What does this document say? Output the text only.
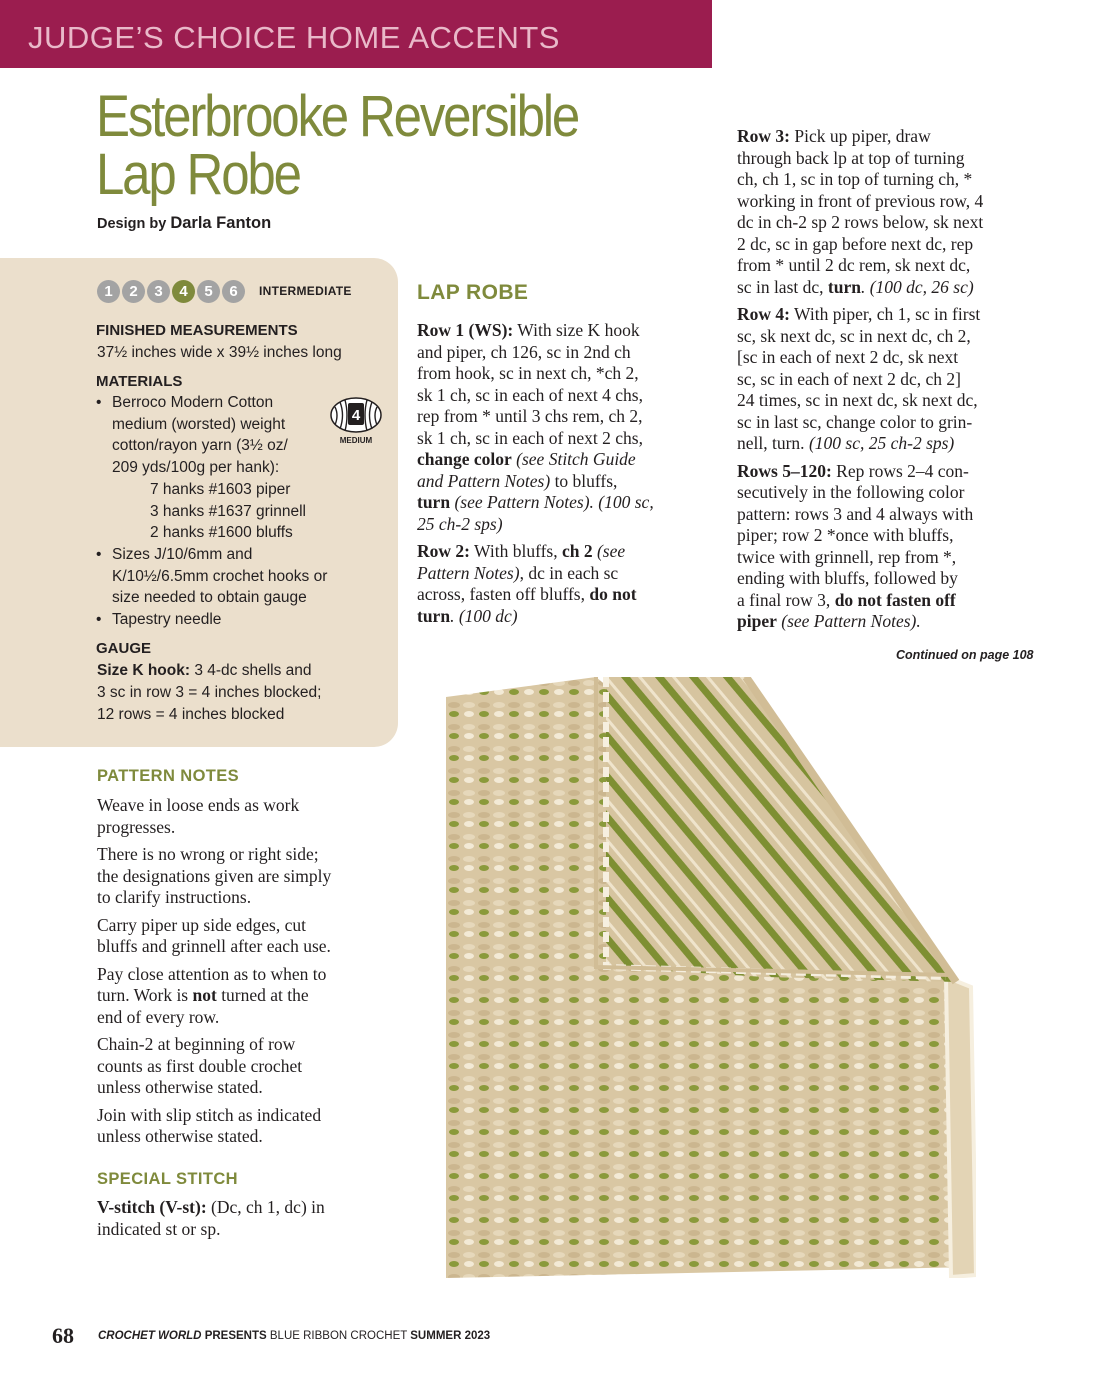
JUDGE’S CHOICE HOME ACCENTS
Esterbrooke Reversible
Lap Robe
Design by Darla Fanton
1	2	3	4	5	6	INTERMEDIATE
FINISHED MEASUREMENTS
37½ inches wide x 39½ inches long
MATERIALS
• Berroco Modern Cotton
medium (worsted) weight
cotton/rayon yarn (3½ oz/
209 yds/100g per hank):
7 hanks #1603 piper
3 hanks #1637 grinnell
2 hanks #1600 bluffs
• Sizes J/10/6mm and
K/10½/6.5mm crochet hooks or
size needed to obtain gauge
• Tapestry needle
4
MEDIUM
GAUGE
Size K hook: 3 4-dc shells and
3 sc in row 3 = 4 inches blocked;
12 rows = 4 inches blocked
PATTERN NOTES

Weave in loose ends as work

progresses.

There is no wrong or right side;

the designations given are simply

to clarify instructions.

Carry piper up side edges, cut

bluffs and grinnell after each use.

Pay close attention as to when to

turn. Work is not turned at the

end of every row.

Chain-2 at beginning of row

counts as first double crochet

unless otherwise stated.

Join with slip stitch as indicated

unless otherwise stated.

SPECIAL STITCH

V-stitch (V-st): (Dc, ch 1, dc) in

indicated st or sp.

LAP ROBE

Row 1 (WS): With size K hook

and piper, ch 126, sc in 2nd ch

from hook, sc in next ch, *ch 2,

sk 1 ch, sc in each of next 4 chs,

rep from * until 3 chs rem, ch 2,

sk 1 ch, sc in each of next 2 chs,

change color (see Stitch Guide

and Pattern Notes) to bluffs,

turn (see Pattern Notes). (100 sc,

25 ch-2 sps)

Row 2: With bluffs, ch 2 (see

Pattern Notes), dc in each sc

across, fasten off bluffs, do not

turn. (100 dc)

Row 3: Pick up piper, draw

through back lp at top of turning

ch, ch 1, sc in top of turning ch, *

working in front of previous row, 4

dc in ch-2 sp 2 rows below, sk next

2 dc, sc in gap before next dc, rep

from * until 2 dc rem, sk next dc,

sc in last dc, turn. (100 dc, 26 sc)

Row 4: With piper, ch 1, sc in first

sc, sk next dc, sc in next dc, ch 2,

[sc in each of next 2 dc, sk next

sc, sc in each of next 2 dc, ch 2]

24 times, sc in next dc, sk next dc,

sc in last sc, change color to grin-

nell, turn. (100 sc, 25 ch-2 sps)

Rows 5–120: Rep rows 2–4 con-

secutively in the following color

pattern: rows 3 and 4 always with

piper; row 2 *once with bluffs,

twice with grinnell, rep from *,

ending with bluffs, followed by

a final row 3, do not fasten off

piper (see Pattern Notes).

Continued on page 108
68 CROCHET WORLD PRESENTS BLUE RIBBON CROCHET SUMMER 2023
